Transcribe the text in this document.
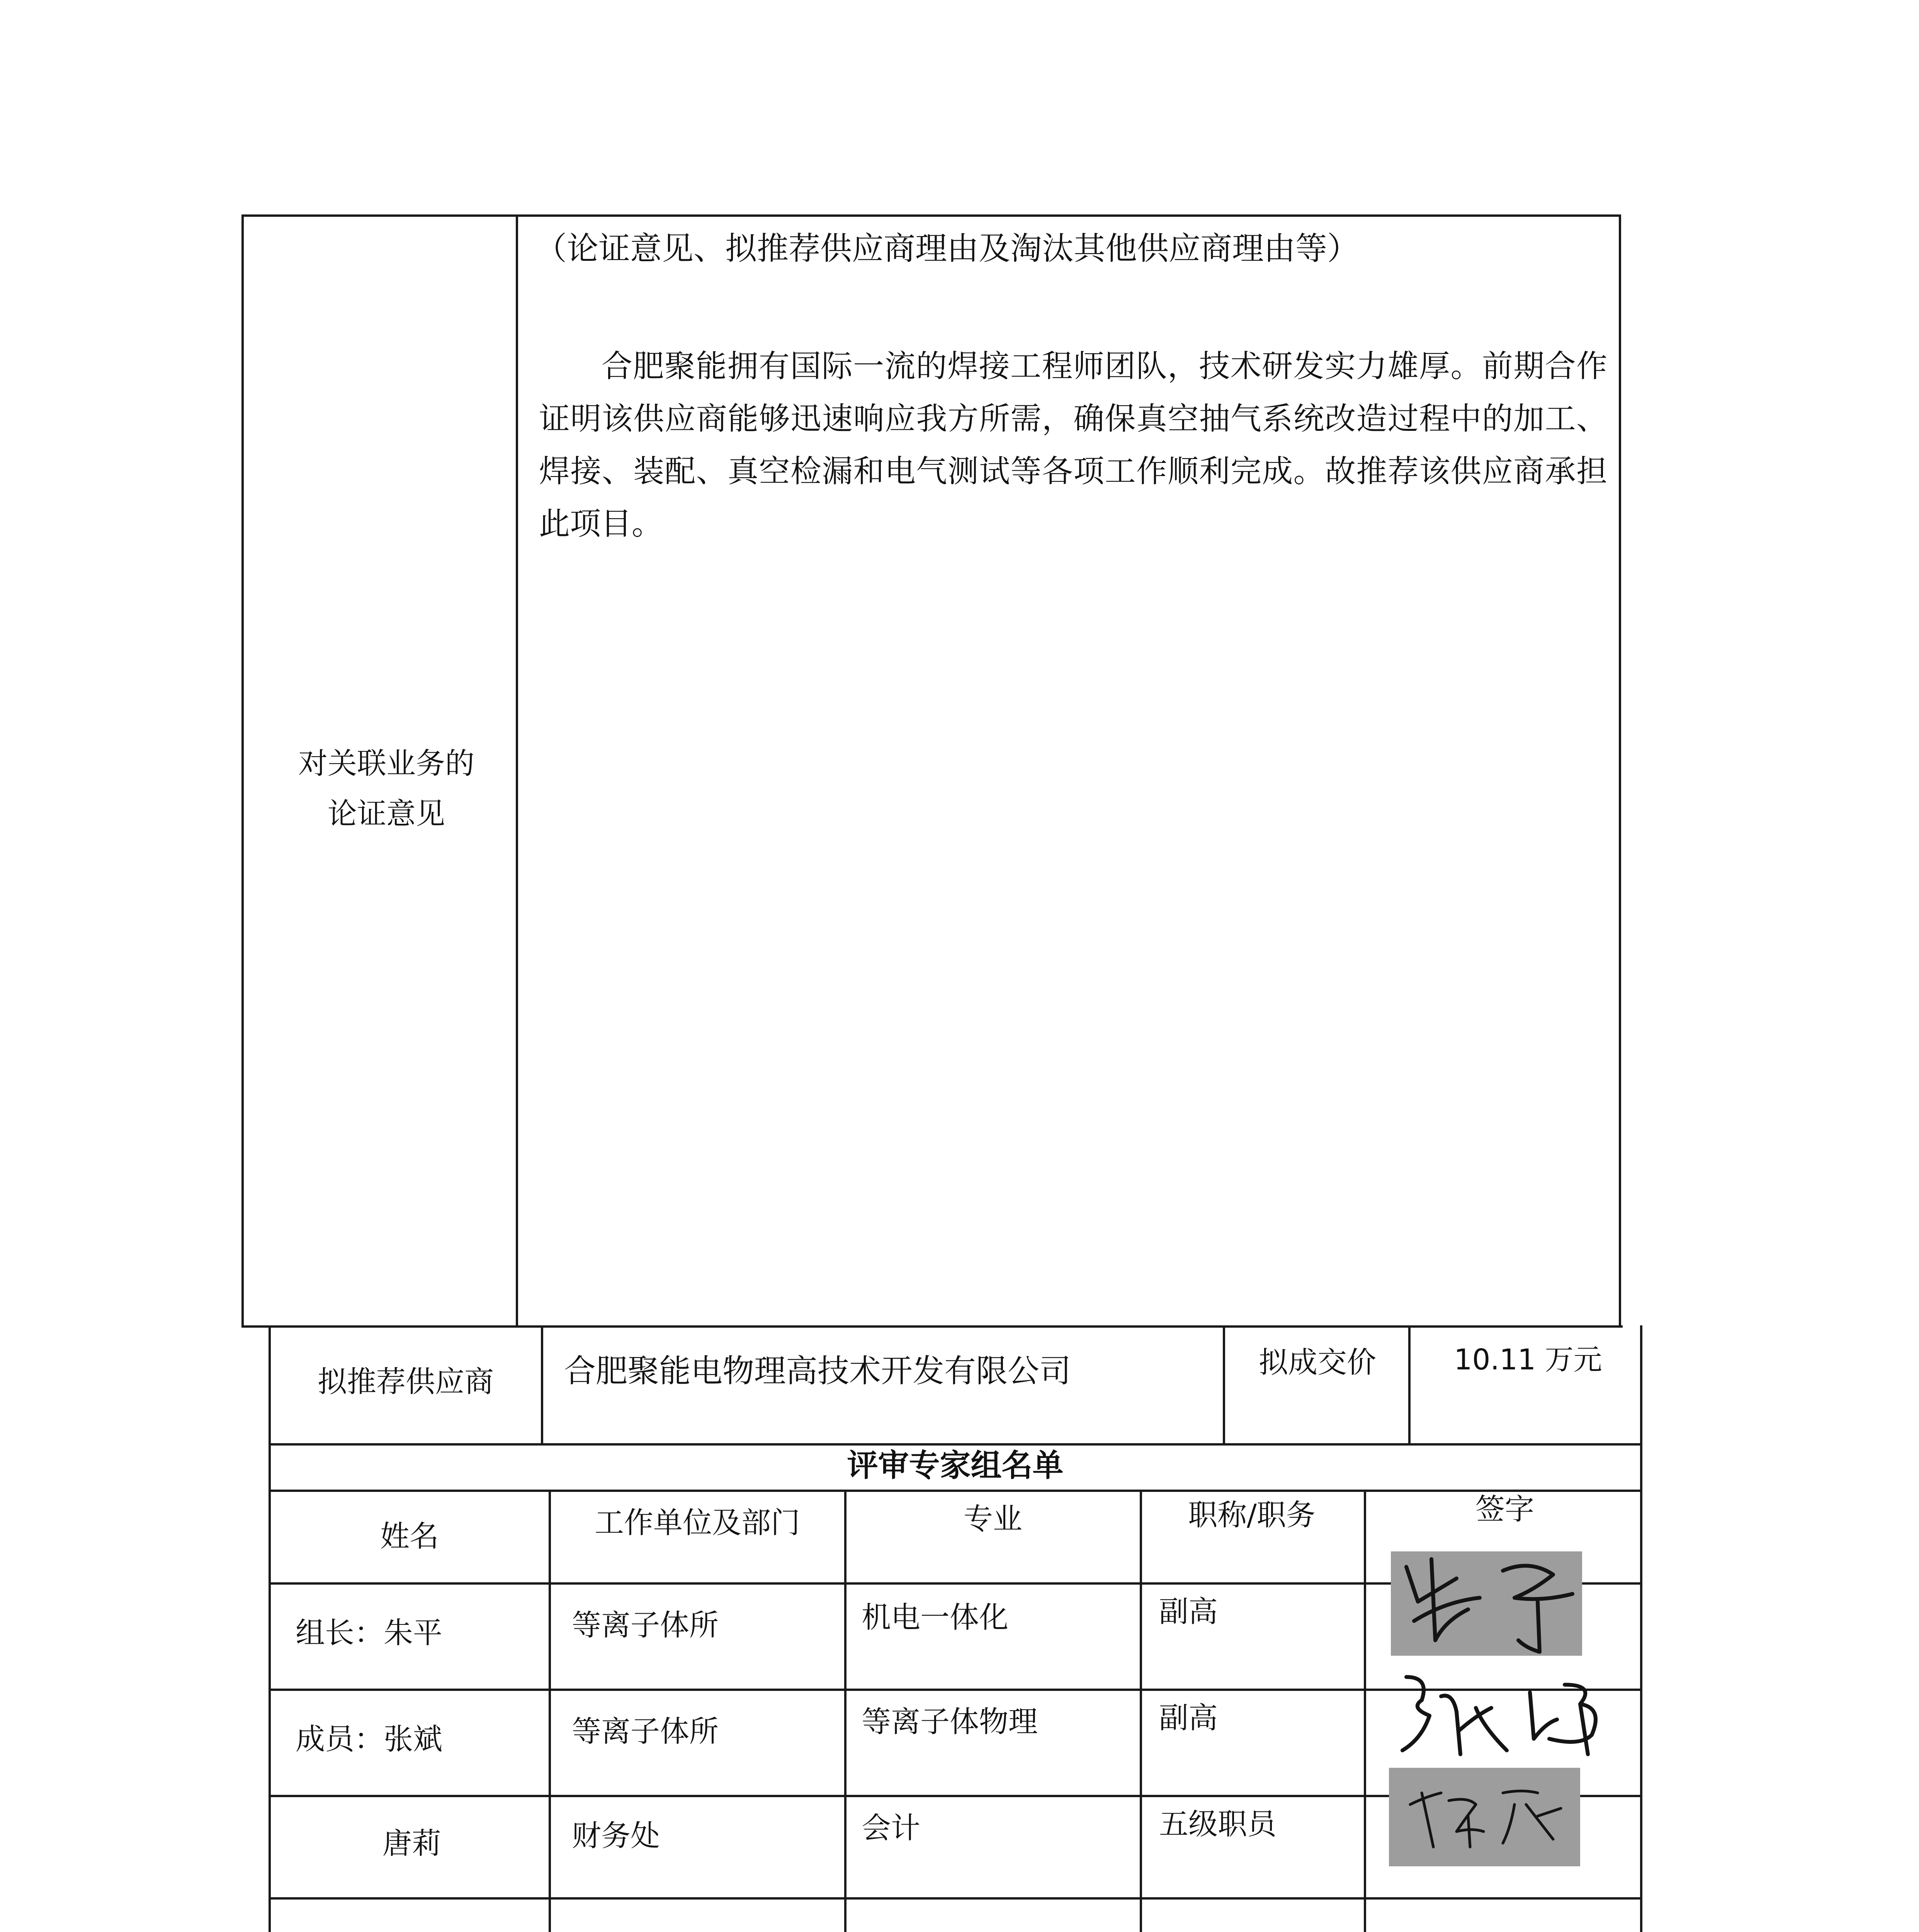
对关联业务的
论证意见
（论证意见、拟推荐供应商理由及淘汰其他供应商理由等）
合肥聚能拥有国际一流的焊接工程师团队，技术研发实力雄厚。前期合作证明该供应商能够迅速响应我方所需，确保真空抽气系统改造过程中的加工、焊接、装配、真空检漏和电气测试等各项工作顺利完成。故推荐该供应商承担此项目。
拟推荐供应商	合肥聚能电物理高技术开发有限公司	拟成交价	10.11 万元
评审专家组名单
姓名	工作单位及部门	专业	职称/职务	签字
组长：朱平	等离子体所	机电一体化	副高
成员：张斌	等离子体所	等离子体物理	副高
唐莉	财务处	会计	五级职员
